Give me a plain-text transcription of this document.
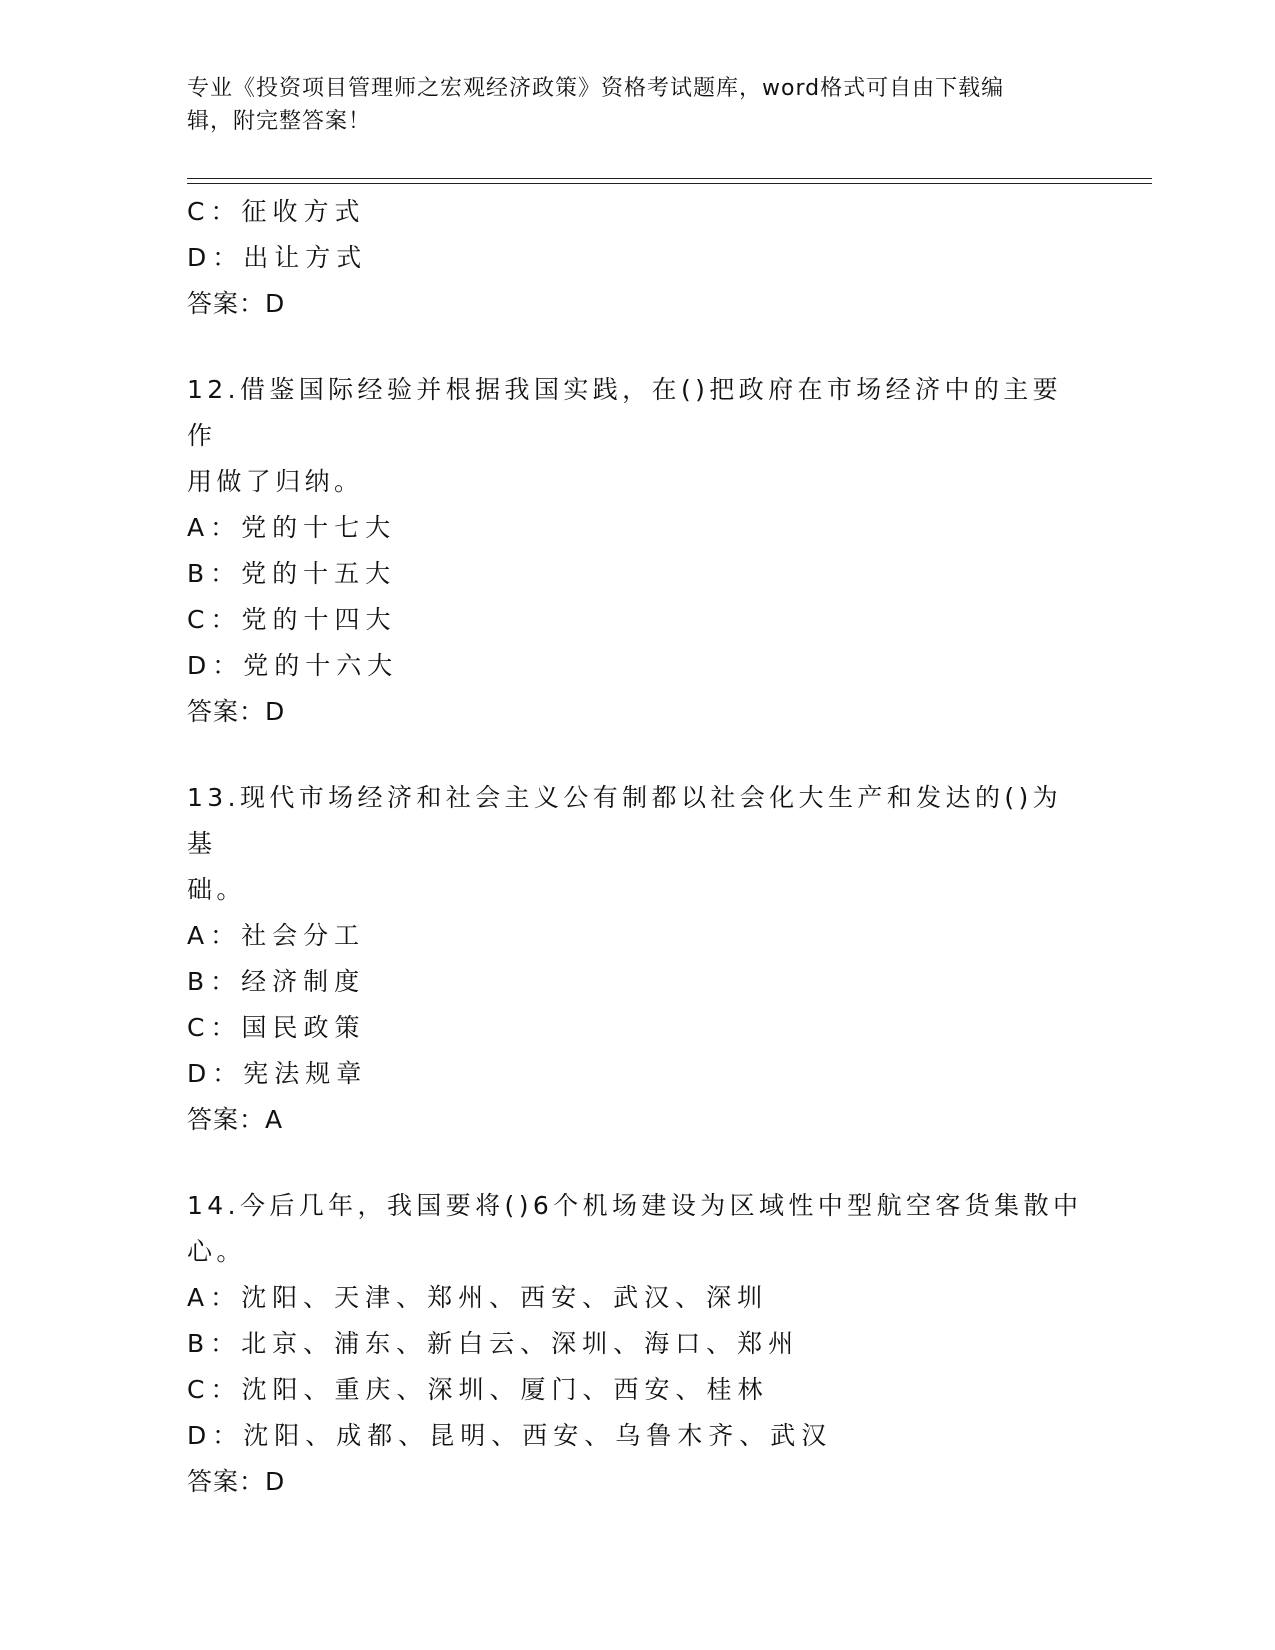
专业《投资项目管理师之宏观经济政策》资格考试题库，word格式可自由下载编
辑，附完整答案！
C：征收方式
D：出让方式
答案：D
12.借鉴国际经验并根据我国实践，在()把政府在市场经济中的主要作
用做了归纳。
A：党的十七大
B：党的十五大
C：党的十四大
D：党的十六大
答案：D
13.现代市场经济和社会主义公有制都以社会化大生产和发达的()为基
础。
A：社会分工
B：经济制度
C：国民政策
D：宪法规章
答案：A
14.今后几年，我国要将()6个机场建设为区域性中型航空客货集散中
心。
A：沈阳、天津、郑州、西安、武汉、深圳
B：北京、浦东、新白云、深圳、海口、郑州
C：沈阳、重庆、深圳、厦门、西安、桂林
D：沈阳、成都、昆明、西安、乌鲁木齐、武汉
答案：D
